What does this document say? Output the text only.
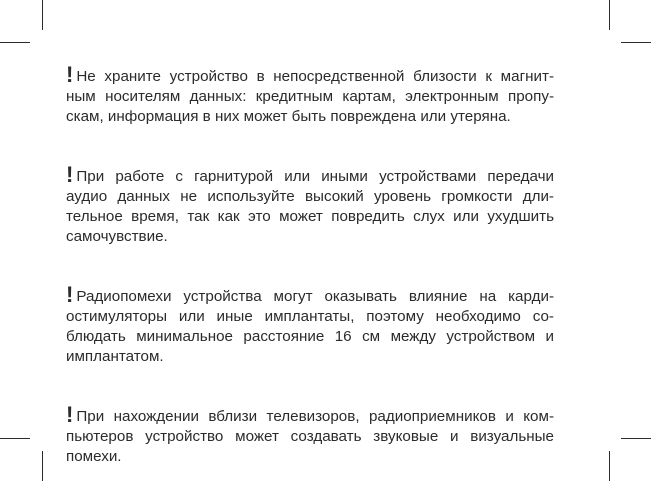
! Не храните устройство в непосредственной близости к магнит-
ным носителям данных: кредитным картам, электронным пропу-
скам, информация в них может быть повреждена или утеряна.
! При работе с гарнитурой или иными устройствами передачи
аудио данных не используйте высокий уровень громкости дли-
тельное время, так как это может повредить слух или ухудшить
самочувствие.
! Радиопомехи устройства могут оказывать влияние на карди-
остимуляторы или иные имплантаты, поэтому необходимо со-
блюдать минимальное расстояние 16 см между устройством и
имплантатом.
! При нахождении вблизи телевизоров, радиоприемников и ком-
пьютеров устройство может создавать звуковые и визуальные
помехи.
